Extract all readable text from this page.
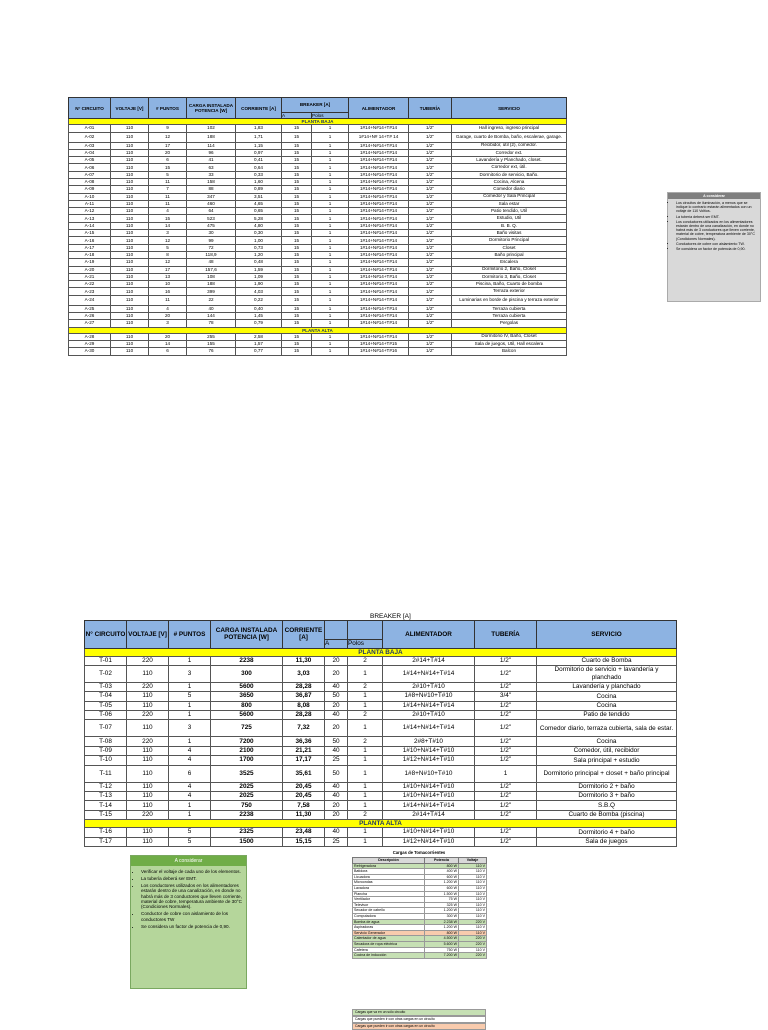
N° CIRCUITO	VOLTAJE [V]	# PUNTOS	CARGA INSTALADA POTENCIA [W]	CORRIENTE [A]	BREAKER [A]		ALIMENTADOR	TUBERÍA	SERVICIO
					A	Polos			
PLANTA BAJA									
A-01	110	9	102	1,83	15	1	1#14+N#14+T#14	1/2"	Hall ingreso, ingreso principal
A-02	110	12	188	1,71	15	1	1#14+N# 14+T# 14	1/2"	Garage, cuarto de Bomba, baño, escalerae, garage.
A-03	110	17	114	1,15	15	1	1#14+N#14+T#14	1/2"	Recibidor, útil (2), comedor.
A-04	110	20	96	0,97	15	1	1#14+N#14+T#14	1/2"	Corredor ext.
A-05	110	6	41	0,41	15	1	1#14+N#14+T#14	1/2"	Lavandería y Planchado, closet.
A-06	110	15	63	0,64	15	1	1#14+N#14+T#14	1/2"	Corredor ext, útil.
A-07	110	5	33	0,33	15	1	1#14+N#14+T#14	1/2"	Dormitorio de servicio, Baño.
A-08	110	11	158	1,60	15	1	1#14+N#14+T#14	1/2"	Cocina, Alcena
A-09	110	7	88	0,89	15	1	1#14+N#14+T#14	1/2"	Comedor diario
A-10	110	11	347	3,51	15	1	1#14+N#14+T#14	1/2"	Comedor y Sala Principal
A-11	110	11	460	4,65	15	1	1#14+N#14+T#14	1/2"	Sala estar
A-12	110	4	64	0,65	15	1	1#14+N#14+T#14	1/2"	Patio tendido, Util
A-13	110	15	523	5,28	15	1	1#14+N#14+T#14	1/2"	Estudio, Util
A-14	110	14	475	4,80	15	1	1#14+N#14+T#14	1/2"	B. B. Q.
A-15	110	3	30	0,30	15	1	1#14+N#14+T#14	1/2"	Baño visitas
A-16	110	12	99	1,00	15	1	1#14+N#14+T#14	1/2"	Dormitorio Principal
A-17	110	5	72	0,73	15	1	1#14+N#14+T#14	1/2"	Closet
A-18	110	8	118,9	1,20	15	1	1#14+N#14+T#14	1/2"	Baño principal
A-19	110	12	48	0,48	15	1	1#14+N#14+T#14	1/2"	Escalera
A-20	110	17	157,6	1,59	15	1	1#14+N#14+T#14	1/2"	Dormitorio 2, Baño, Closet
A-21	110	13	108	1,09	15	1	1#14+N#14+T#14	1/2"	Dormitorio 3, Baño, Closet
A-22	110	10	188	1,90	15	1	1#14+N#14+T#14	1/2"	Piscina, Baño, Cuarto de bomba
A-23	110	16	399	4,03	15	1	1#14+N#14+T#14	1/2"	Terraza exterior
A-24	110	11	22	0,22	15	1	1#14+N#14+T#14	1/2"	Luminarias en borde de piscina y terraza exterior
A-25	110	4	40	0,40	15	1	1#14+N#14+T#14	1/2"	Terraza cubierta
A-26	110	20	144	1,45	15	1	1#14+N#14+T#14	1/2"	Terraza cubierta
A-27	110	3	78	0,79	15	1	1#14+N#14+T#14	1/2"	Pergolas
PLANTA ALTA									
A-28	110	20	255	2,58	15	1	1#14+N#14+T#14	1/2"	Dormitorio IV, Baño, Closet
A-29	110	14	155	1,57	15	1	1#14+N#14+T#15	1/2"	Sala de juegos, Util, Hall escalera
A-30	110	6	76	0,77	15	1	1#14+N#14+T#16	1/2"	Balcon
A considerar
• Los circuitos de iluminación, a menos que se indique lo contrario estarán alimentados con un voltaje de 110 Voltios.
• La tubería deberá ser EMT.
• Los conductores utilizados en los alimentadores estarán dentro de una canalización, en donde no habrá más de 3 conductores que lleven corriente, material de cobre, temperatura ambiente de 30°C (Condiciones Normales).
• Conductores de cobre con aislamiento TW.
• Se considera un factor de potencia de 0,90.
BREAKER [A]
N° CIRCUITO	VOLTAJE [V]	# PUNTOS	CARGA INSTALADA POTENCIA [W]	CORRIENTE [A]			ALIMENTADOR	TUBERÍA	SERVICIO
					A	Polos			
PLANTA BAJA									
T-01	220	1	2238	11,30	20	2	2#14+T#14	1/2"	Cuarto de Bomba
T-02	110	3	300	3,03	20	1	1#14+N#14+T#14	1/2"	Dormitorio de servicio + lavandería y planchado
T-03	220	1	5600	28,28	40	2	2#10+T#10	1/2"	Lavandería y planchado
T-04	110	5	3650	36,87	50	1	1#8+N#10+T#10	3/4"	Cocina
T-05	110	1	800	8,08	20	1	1#14+N#14+T#14	1/2"	Cocina
T-06	220	1	5600	28,28	40	2	2#10+T#10	1/2"	Patio de tendido
T-07	110	3	725	7,32	20	1	1#14+N#14+T#14	1/2"	Comedor diario, terraza cubierta, sala de estar.
T-08	220	1	7200	36,36	50	2	2#8+T#10	1/2"	Cocina
T-09	110	4	2100	21,21	40	1	1#10+N#14+T#10	1/2"	Comedor, útil, recibidor
T-10	110	4	1700	17,17	25	1	1#12+N#14+T#10	1/2"	Sala principal + estudio
T-11	110	6	3525	35,61	50	1	1#8+N#10+T#10	1	Dormitorio principal + closet + baño principal
T-12	110	4	2025	20,45	40	1	1#10+N#14+T#10	1/2"	Dormitorio 2 + baño
T-13	110	4	2025	20,45	40	1	1#10+N#14+T#10	1/2"	Dormitorio 3 + baño
T-14	110	1	750	7,58	20	1	1#14+N#14+T#14	1/2"	S.B.Q
T-15	220	1	2238	11,30	20	2	2#14+T#14	1/2"	Cuarto de Bomba (piscina)
PLANTA ALTA									
T-16	110	5	2325	23,48	40	1	1#10+N#14+T#10	1/2"	Dormitorio 4 + baño
T-17	110	5	1500	15,15	25	1	1#12+N#14+T#10	1/2"	Sala de juegos
A considerar
• Verificar el voltaje de cada uno de los elementos.
• La tubería deberá ser EMT.
• Los conductores utilizados en los alimentadores estarán dentro de una canalización, en donde no habrá más de 3 conductores que lleven corriente, material de cobre, temperatura ambiente de 30°C (Condiciones Normales).
• Conductor de cobre con aislamiento de los conductores TW
• Se considera un factor de potencia de 0,90.
Cargas de Tomacorrientes
Descripción	Potencia	Voltaje
Refrigeradora	800 W	110 V
Batidora	400 W	110 V
Licuadora	600 W	110 V
Microondas	1.200 W	110 V
Lavadora	600 W	110 V
Plancha	1.500 W	110 V
Ventilador	75 W	110 V
Televisor	325 W	110 V
Secador de cabello	1.200 W	110 V
Computadora	300 W	110 V
Bomba de agua	2.238 W	220 V
Aspiradoras	1.200 W	110 V
Servicio Generador	800 W	110 V
Calentador de agua	4.500 W	220 V
Secadora de ropa eléctrica	5.600 W	220 V
Cafetera	750 W	110 V
Cocina de inducción	7.200 W	220 V
Cargas que va en un sólo circuito
Cargas que pueden ir con otras cargas en un circuito
Cargas que pueden ir con otras cargas en un circuito
